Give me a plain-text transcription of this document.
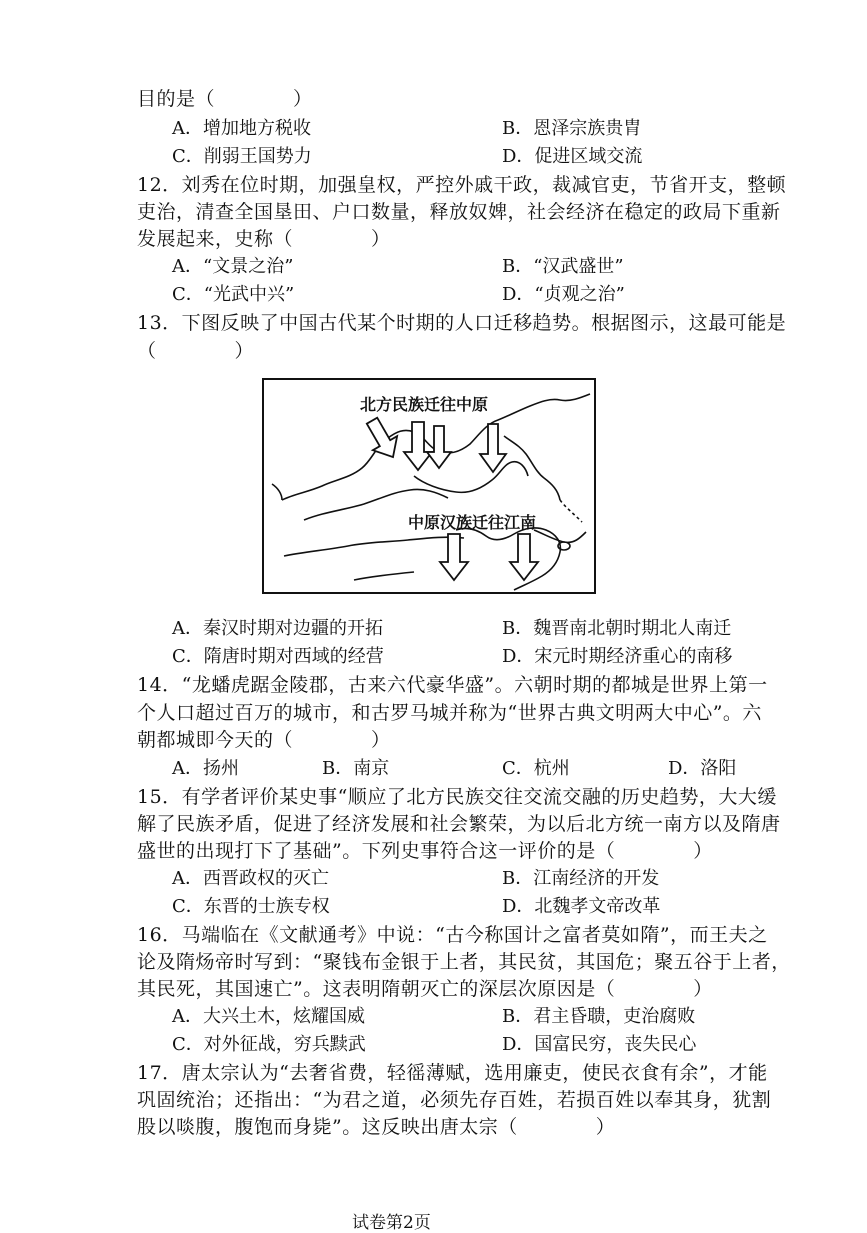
目的是（　　　　）
A．增加地方税收	B．恩泽宗族贵胄
C．削弱王国势力	D．促进区域交流
12．刘秀在位时期，加强皇权，严控外戚干政，裁减官吏，节省开支，整顿
吏治，清查全国垦田、户口数量，释放奴婢，社会经济在稳定的政局下重新
发展起来，史称（　　　　）
A．“文景之治”	B．“汉武盛世”
C．“光武中兴”	D．“贞观之治”
13．下图反映了中国古代某个时期的人口迁移趋势。根据图示，这最可能是
（　　　　）
北方民族迁往中原
中原汉族迁往江南
A．秦汉时期对边疆的开拓	B．魏晋南北朝时期北人南迁
C．隋唐时期对西域的经营	D．宋元时期经济重心的南移
14．“龙蟠虎踞金陵郡，古来六代豪华盛”。六朝时期的都城是世界上第一
个人口超过百万的城市，和古罗马城并称为“世界古典文明两大中心”。六
朝都城即今天的（　　　　）
A．扬州	B．南京	C．杭州	D．洛阳
15．有学者评价某史事“顺应了北方民族交往交流交融的历史趋势，大大缓
解了民族矛盾，促进了经济发展和社会繁荣，为以后北方统一南方以及隋唐
盛世的出现打下了基础”。下列史事符合这一评价的是（　　　　）
A．西晋政权的灭亡	B．江南经济的开发
C．东晋的士族专权	D．北魏孝文帝改革
16．马端临在《文献通考》中说：“古今称国计之富者莫如隋”，而王夫之
论及隋炀帝时写到：“聚钱布金银于上者，其民贫，其国危；聚五谷于上者，
其民死，其国速亡”。这表明隋朝灭亡的深层次原因是（　　　　）
A．大兴土木，炫耀国威	B．君主昏聩，吏治腐败
C．对外征战，穷兵黩武	D．国富民穷，丧失民心
17．唐太宗认为“去奢省费，轻徭薄赋，选用廉吏，使民衣食有余”，才能
巩固统治；还指出：“为君之道，必须先存百姓，若损百姓以奉其身，犹割
股以啖腹，腹饱而身毙”。这反映出唐太宗（　　　　）
试卷第2页
